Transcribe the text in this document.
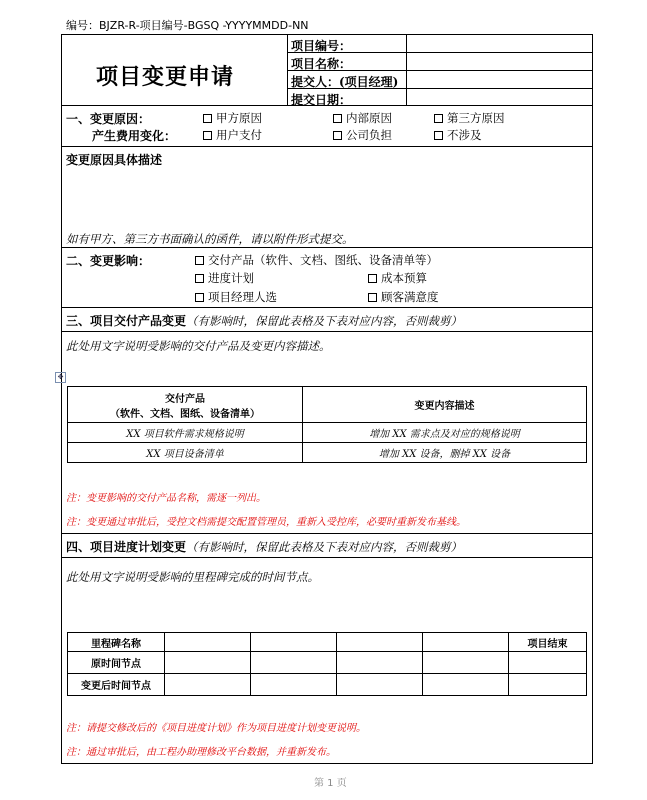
编号：BJZR-R-项目编号-BGSQ -YYYYMMDD-NN
项目变更申请
项目编号：
项目名称：
提交人：(项目经理)
提交日期：
一、变更原因：	甲方原因	内部原因	第三方原因
产生费用变化：	用户支付	公司负担	不涉及
变更原因具体描述
如有甲方、第三方书面确认的函件，请以附件形式提交。
二、变更影响：	交付产品（软件、文档、图纸、设备清单等）
进度计划	成本预算
项目经理人选	顾客满意度
三、项目交付产品变更（有影响时，保留此表格及下表对应内容，否则裁剪）
此处用文字说明受影响的交付产品及变更内容描述。
✥
交付产品
（软件、文档、图纸、设备清单）	变更内容描述
XX 项目软件需求规格说明	增加 XX 需求点及对应的规格说明
XX 项目设备清单	增加 XX 设备，删掉 XX 设备
注：变更影响的交付产品名称，需逐一列出。
注：变更通过审批后，受控文档需提交配置管理员，重新入受控库，必要时重新发布基线。
四、项目进度计划变更（有影响时，保留此表格及下表对应内容，否则裁剪）
此处用文字说明受影响的里程碑完成的时间节点。
里程碑名称					项目结束
原时间节点					
变更后时间节点					
注：请提交修改后的《项目进度计划》作为项目进度计划变更说明。
注：通过审批后，由工程办助理修改平台数据，并重新发布。
第 1 页
